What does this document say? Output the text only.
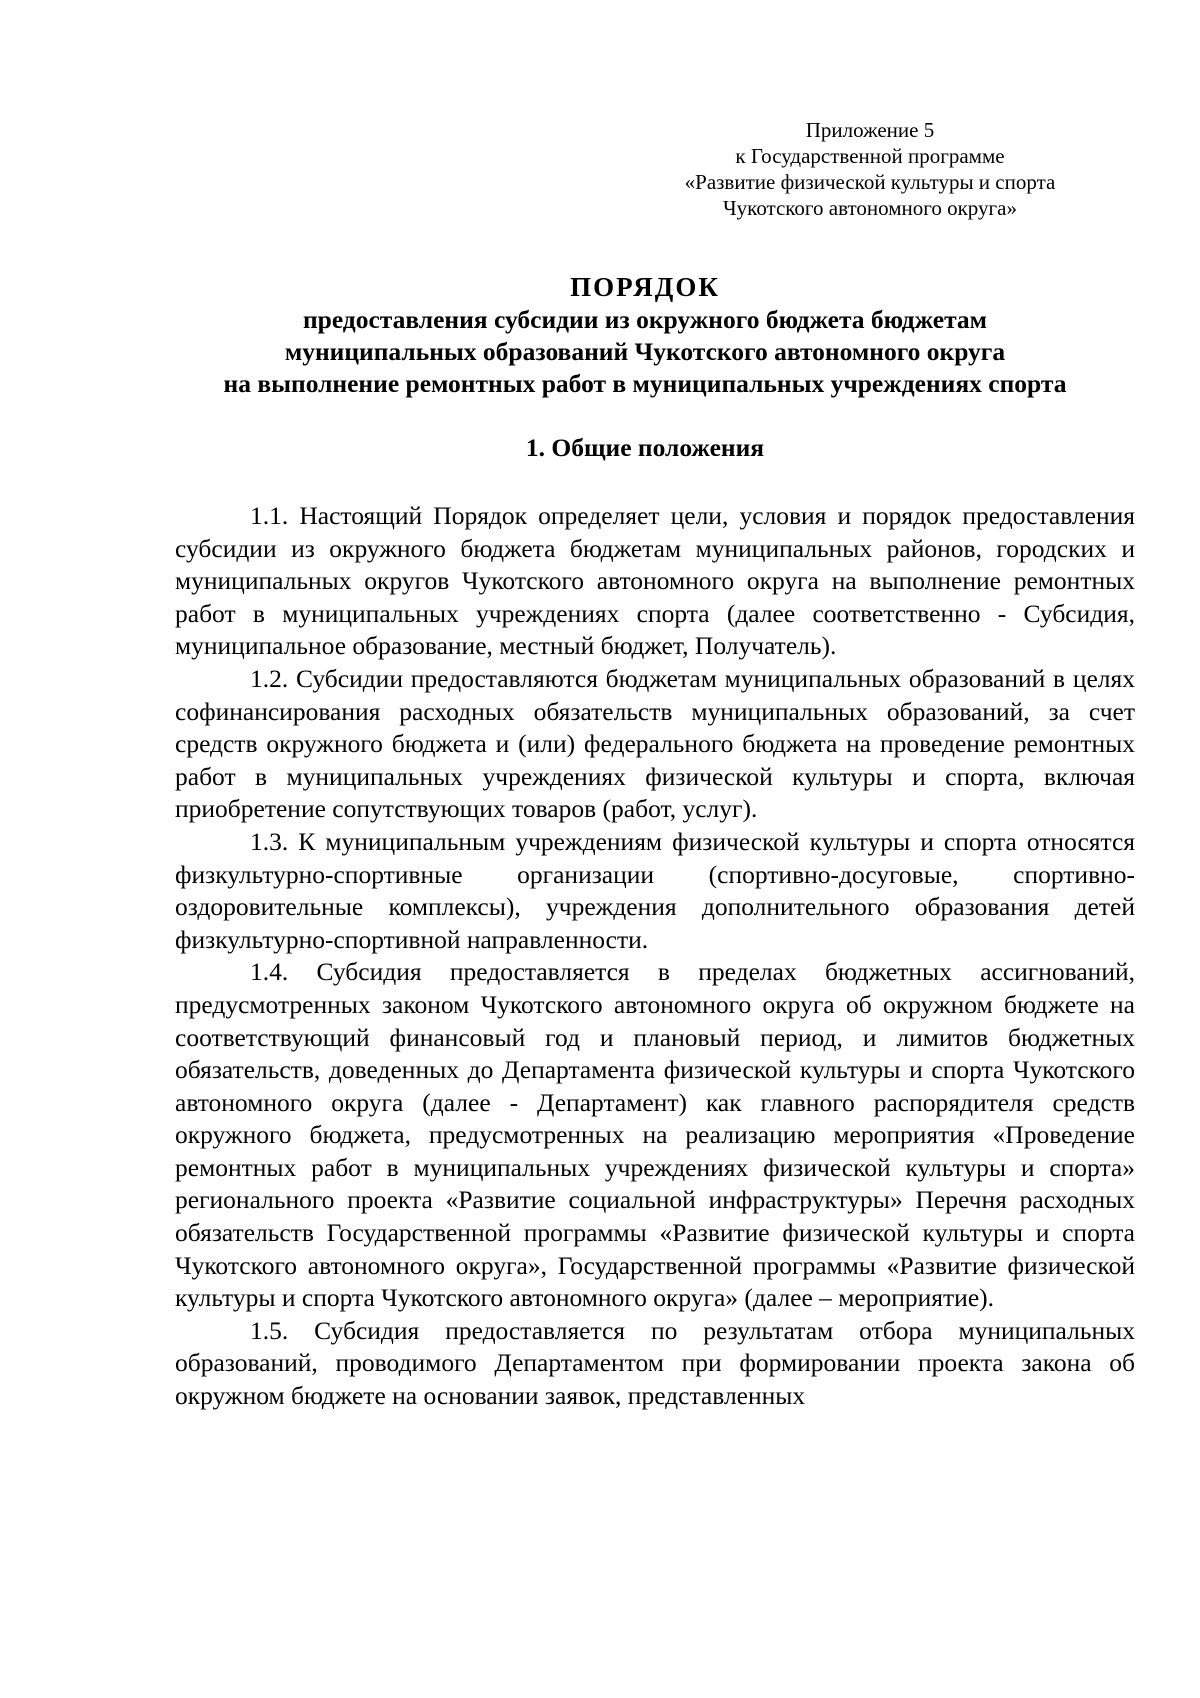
Приложение 5
к Государственной программе
«Развитие физической культуры и спорта
Чукотского автономного округа»
ПОРЯДОК
предоставления субсидии из окружного бюджета бюджетам
муниципальных образований Чукотского автономного округа
на выполнение ремонтных работ в муниципальных учреждениях спорта
1. Общие положения

1.1. Настоящий Порядок определяет цели, условия и порядок предоставления субсидии из окружного бюджета бюджетам муниципальных районов, городских и муниципальных округов Чукотского автономного округа на выполнение ремонтных работ в муниципальных учреждениях спорта (далее соответственно - Субсидия, муниципальное образование, местный бюджет, Получатель).

1.2. Субсидии предоставляются бюджетам муниципальных образований в целях софинансирования расходных обязательств муниципальных образований, за счет средств окружного бюджета и (или) федерального бюджета на проведение ремонтных работ в муниципальных учреждениях физической культуры и спорта, включая приобретение сопутствующих товаров (работ, услуг).

1.3. К муниципальным учреждениям физической культуры и спорта относятся физкультурно-спортивные организации (спортивно-досуговые, спортивно-оздоровительные комплексы), учреждения дополнительного образования детей физкультурно-спортивной направленности.

1.4. Субсидия предоставляется в пределах бюджетных ассигнований, предусмотренных законом Чукотского автономного округа об окружном бюджете на соответствующий финансовый год и плановый период, и лимитов бюджетных обязательств, доведенных до Департамента физической культуры и спорта Чукотского автономного округа (далее - Департамент) как главного распорядителя средств окружного бюджета, предусмотренных на реализацию мероприятия «Проведение ремонтных работ в муниципальных учреждениях физической культуры и спорта» регионального проекта «Развитие социальной инфраструктуры» Перечня расходных обязательств Государственной программы «Развитие физической культуры и спорта Чукотского автономного округа», Государственной программы «Развитие физической культуры и спорта Чукотского автономного округа» (далее – мероприятие).

1.5. Субсидия предоставляется по результатам отбора муниципальных образований, проводимого Департаментом при формировании проекта закона об окружном бюджете на основании заявок, представленных
